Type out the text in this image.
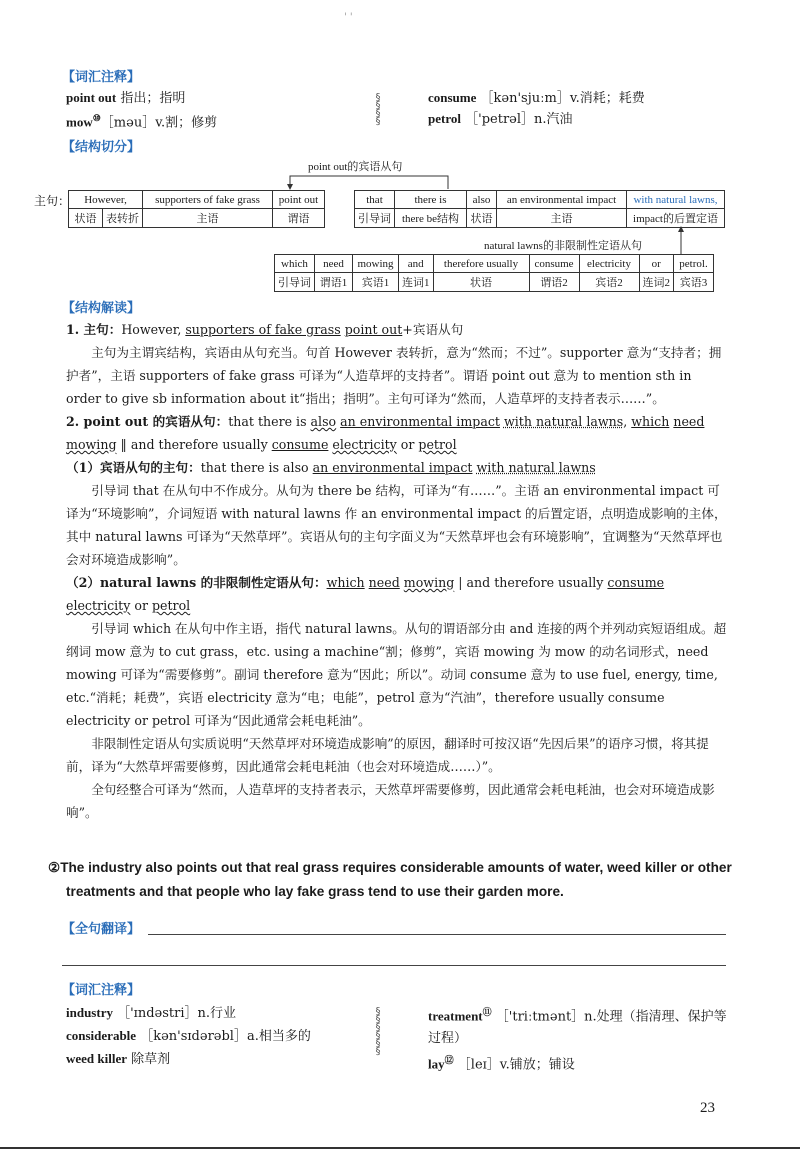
' '
【词汇注释】
point out 指出；指明
mow⑩［məu］v.割；修剪
§
§
§
§
consume ［kən'sjuːm］v.消耗；耗费
petrol ［'petrəl］n.汽油
【结构切分】
point out的宾语从句
主句： However,		supporters of fake grass	point out
状语	表转折	主语	谓语
that	there is	also	an environmental impact	with natural lawns,
引导词	there be结构	状语	主语	impact的后置定语
natural lawns的非限制性定语从句
which	need	mowing	and	therefore usually	consume	electricity	or	petrol.
引导词	谓语1	宾语1	连词1	状语	谓语2	宾语2	连词2	宾语3
【结构解读】
1. 主句：However, supporters of fake grass point out+宾语从句

主句为主谓宾结构，宾语由从句充当。句首 However 表转折，意为“然而；不过”。supporter 意为“支持者；拥护者”，主语 supporters of fake grass 可译为“人造草坪的支持者”。谓语 point out 意为 to mention sth in order to give sb information about it“指出；指明”。主句可译为“然而，人造草坪的支持者表示……”。

2. point out 的宾语从句：that there is also an environmental impact with natural lawns, which need mowing ‖ and therefore usually consume electricity or petrol
（1）宾语从句的主句：that there is also an environmental impact with natural lawns

引导词 that 在从句中不作成分。从句为 there be 结构，可译为“有……”。主语 an environmental impact 可译为“环境影响”，介词短语 with natural lawns 作 an environmental impact 的后置定语，点明造成影响的主体，其中 natural lawns 可译为“天然草坪”。宾语从句的主句字面义为“天然草坪也会有环境影响”，宜调整为“天然草坪也会对环境造成影响”。

（2）natural lawns 的非限制性定语从句：which need mowing | and therefore usually consume electricity or petrol

引导词 which 在从句中作主语，指代 natural lawns。从句的谓语部分由 and 连接的两个并列动宾短语组成。超纲词 mow 意为 to cut grass，etc. using a machine“割；修剪”，宾语 mowing 为 mow 的动名词形式，need mowing 可译为“需要修剪”。副词 therefore 意为“因此；所以”。动词 consume 意为 to use fuel, energy, time, etc.“消耗；耗费”，宾语 electricity 意为“电；电能”，petrol 意为“汽油”，therefore usually consume electricity or petrol 可译为“因此通常会耗电耗油”。

非限制性定语从句实质说明“天然草坪对环境造成影响”的原因，翻译时可按汉语“先因后果”的语序习惯，将其提前，译为“大然草坪需要修剪，因此通常会耗电耗油（也会对环境造成……）”。

全句经整合可译为“然而，人造草坪的支持者表示，天然草坪需要修剪，因此通常会耗电耗油，也会对环境造成影响”。

②The industry also points out that real grass requires considerable amounts of water, weed killer or other treatments and that people who lay fake grass tend to use their garden more.
【全句翻译】
【词汇注释】
industry ［'ɪndəstri］n.行业
considerable ［kən'sɪdərəbl］a.相当多的
weed killer 除草剂
§
§
§
§
§
§
treatment⑪ ［'triːtmənt］n.处理（指清理、保护等
过程）
lay⑫ ［leɪ］v.铺放；铺设
23
